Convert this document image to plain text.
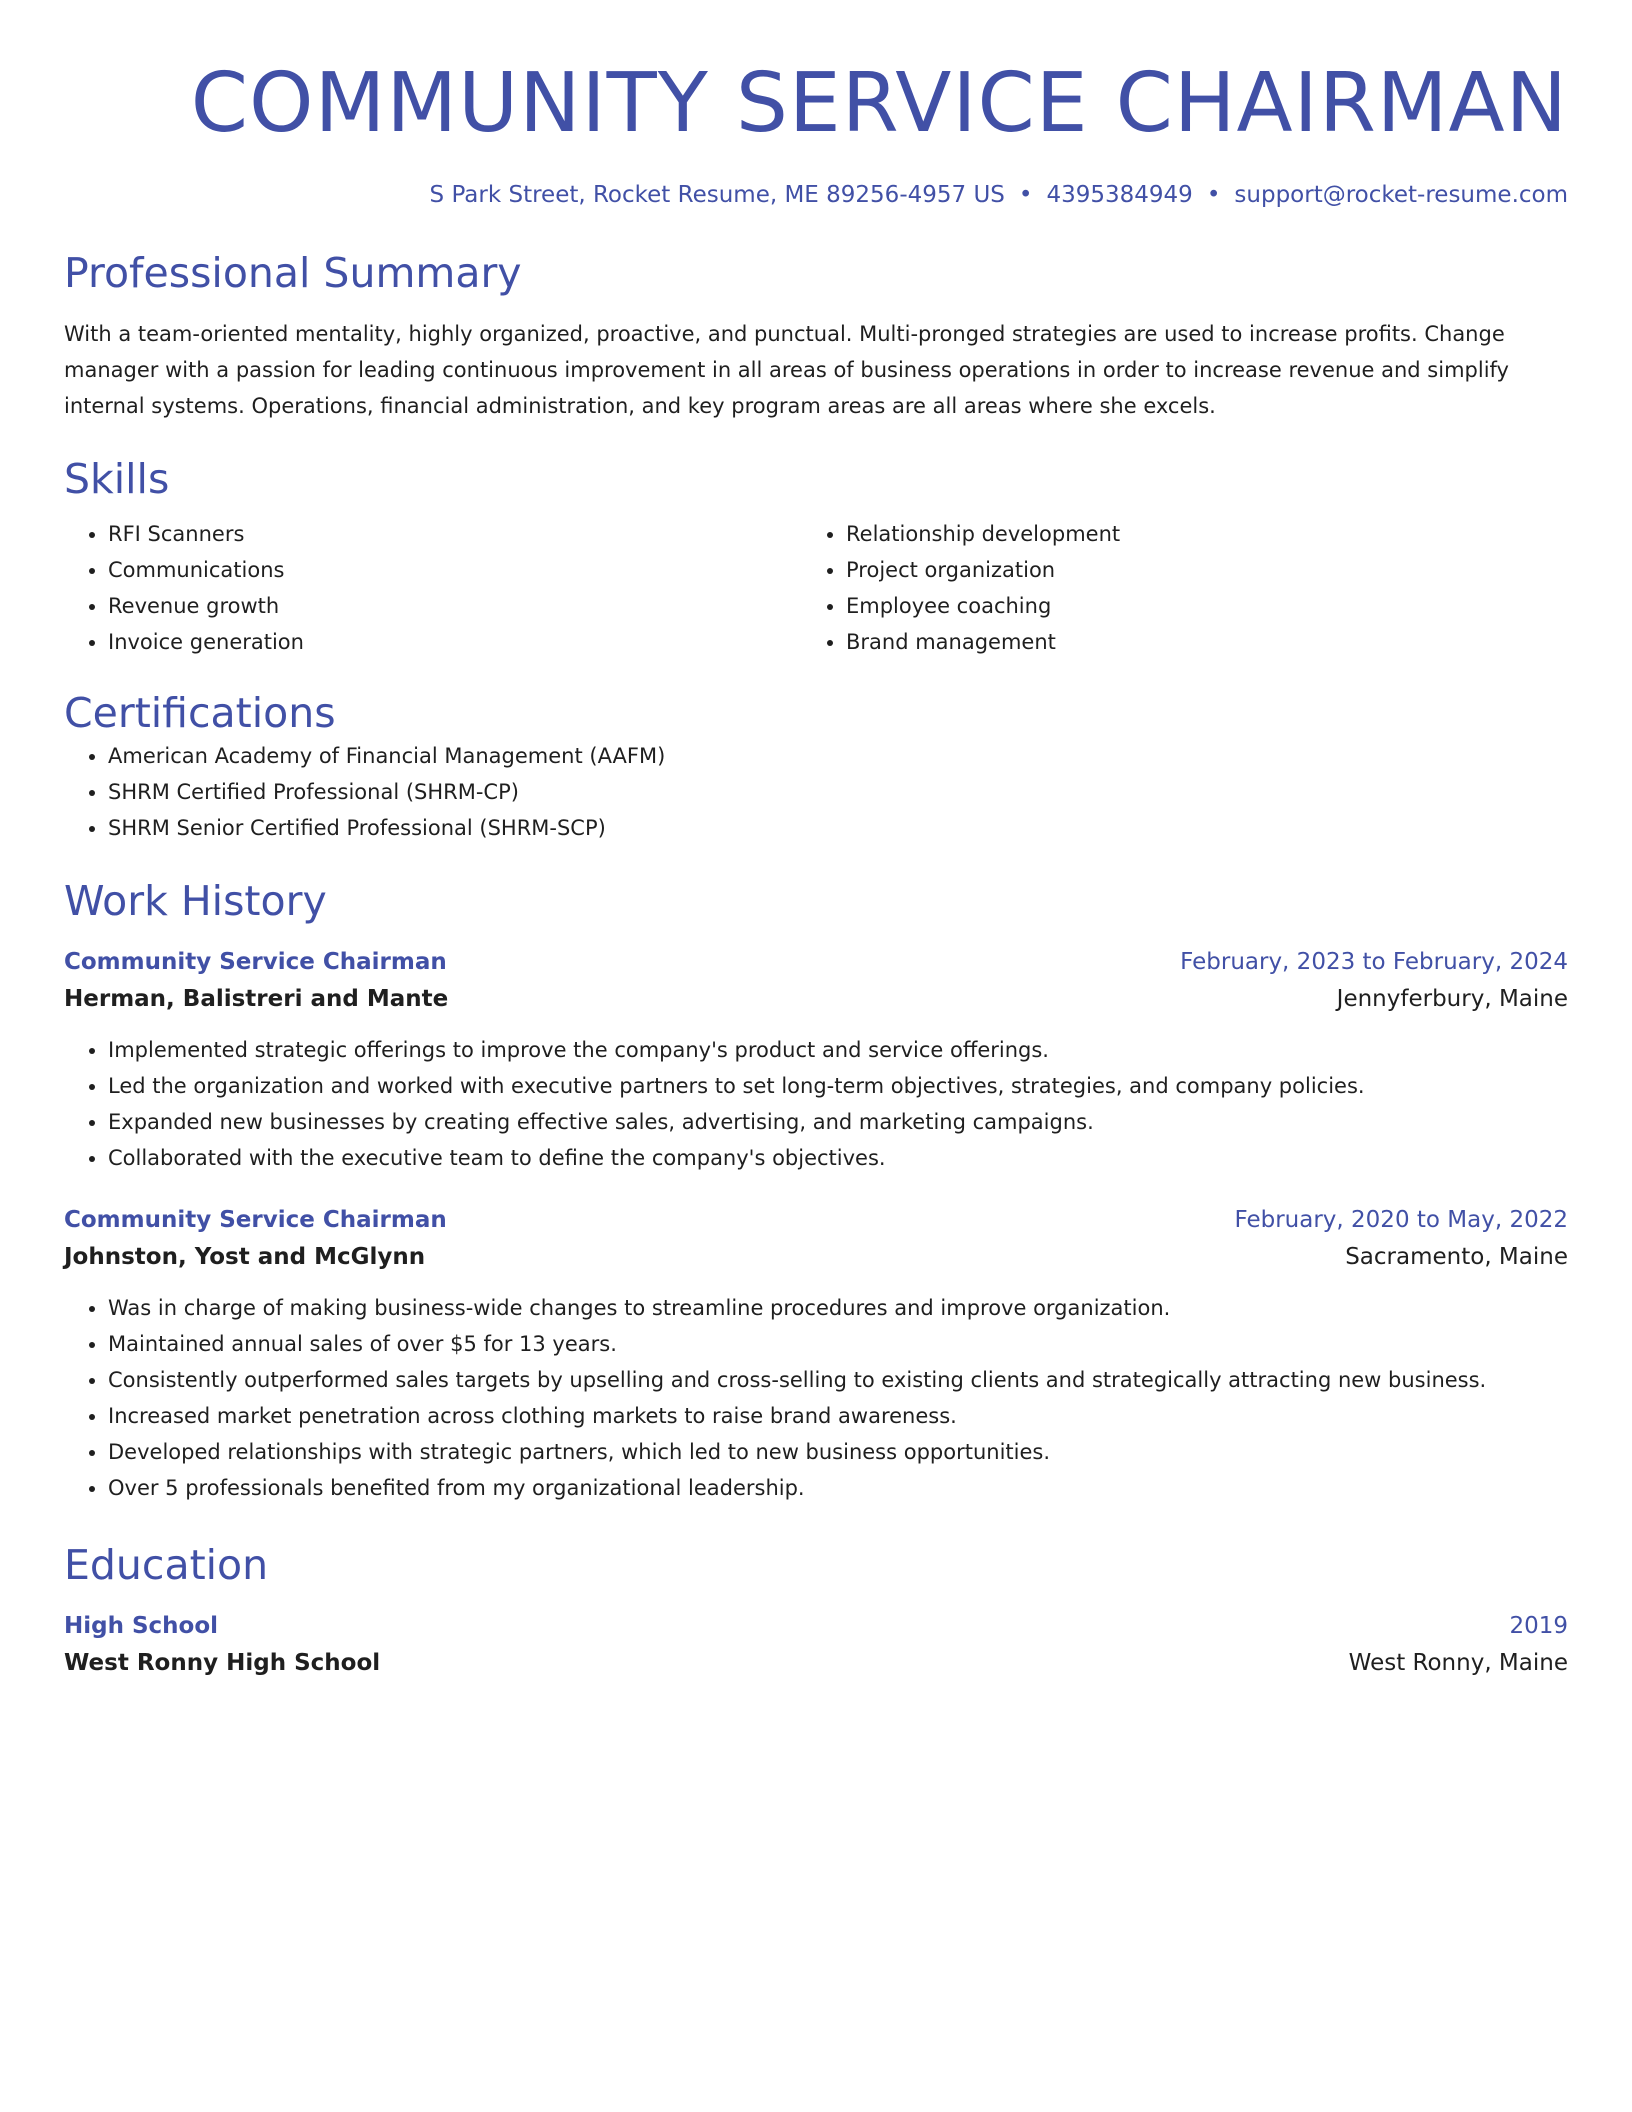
COMMUNITY SERVICE CHAIRMAN
S Park Street, Rocket Resume, ME 89256-4957 US • 4395384949 • support@rocket-resume.com
Professional Summary
With a team-oriented mentality, highly organized, proactive, and punctual. Multi-pronged strategies are used to increase profits. Change manager with a passion for leading continuous improvement in all areas of business operations in order to increase revenue and simplify internal systems. Operations, financial administration, and key program areas are all areas where she excels.
Skills
• RFI Scanners
• Communications
• Revenue growth
• Invoice generation
• Relationship development
• Project organization
• Employee coaching
• Brand management
Certifications
• American Academy of Financial Management (AAFM)
• SHRM Certified Professional (SHRM-CP)
• SHRM Senior Certified Professional (SHRM-SCP)
Work History
Community Service Chairman	February, 2023 to February, 2024
Herman, Balistreri and Mante	Jennyferbury, Maine
• Implemented strategic offerings to improve the company's product and service offerings.
• Led the organization and worked with executive partners to set long-term objectives, strategies, and company policies.
• Expanded new businesses by creating effective sales, advertising, and marketing campaigns.
• Collaborated with the executive team to define the company's objectives.
Community Service Chairman	February, 2020 to May, 2022
Johnston, Yost and McGlynn	Sacramento, Maine
• Was in charge of making business-wide changes to streamline procedures and improve organization.
• Maintained annual sales of over $5 for 13 years.
• Consistently outperformed sales targets by upselling and cross-selling to existing clients and strategically attracting new business.
• Increased market penetration across clothing markets to raise brand awareness.
• Developed relationships with strategic partners, which led to new business opportunities.
• Over 5 professionals benefited from my organizational leadership.
Education
High School	2019
West Ronny High School	West Ronny, Maine
